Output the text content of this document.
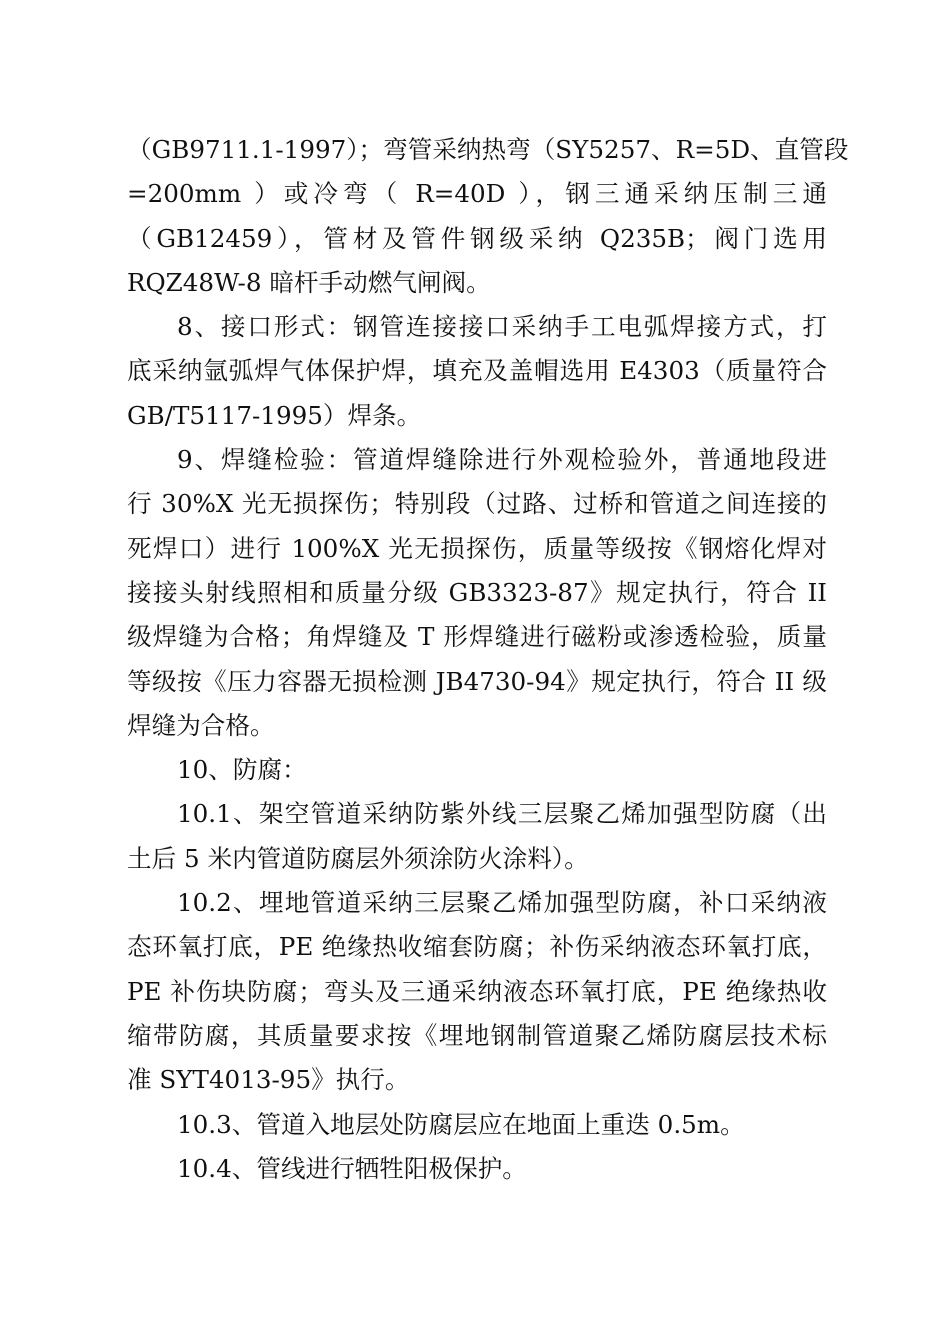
（GB9711.1-1997）；弯管采纳热弯（SY5257、R=5D、直管段
=200mm ）或冷弯（ R=40D ），钢三通采纳压制三通
（GB12459），管材及管件钢级采纳 Q235B；阀门选用
RQZ48W-8 暗杆手动燃气闸阀。
8、接口形式：钢管连接接口采纳手工电弧焊接方式，打
底采纳氩弧焊气体保护焊，填充及盖帽选用 E4303（质量符合
GB/T5117-1995）焊条。
9、焊缝检验：管道焊缝除进行外观检验外，普通地段进
行 30%X 光无损探伤；特别段（过路、过桥和管道之间连接的
死焊口）进行 100%X 光无损探伤，质量等级按《钢熔化焊对
接接头射线照相和质量分级 GB3323-87》规定执行，符合 II
级焊缝为合格；角焊缝及 T 形焊缝进行磁粉或渗透检验，质量
等级按《压力容器无损检测 JB4730-94》规定执行，符合 II 级
焊缝为合格。
10、防腐：
10.1、架空管道采纳防紫外线三层聚乙烯加强型防腐（出
土后 5 米内管道防腐层外须涂防火涂料）。
10.2、埋地管道采纳三层聚乙烯加强型防腐，补口采纳液
态环氧打底，PE 绝缘热收缩套防腐；补伤采纳液态环氧打底，
PE 补伤块防腐；弯头及三通采纳液态环氧打底，PE 绝缘热收
缩带防腐，其质量要求按《埋地钢制管道聚乙烯防腐层技术标
准 SYT4013-95》执行。
10.3、管道入地层处防腐层应在地面上重迭 0.5m。
10.4、管线进行牺牲阳极保护。
